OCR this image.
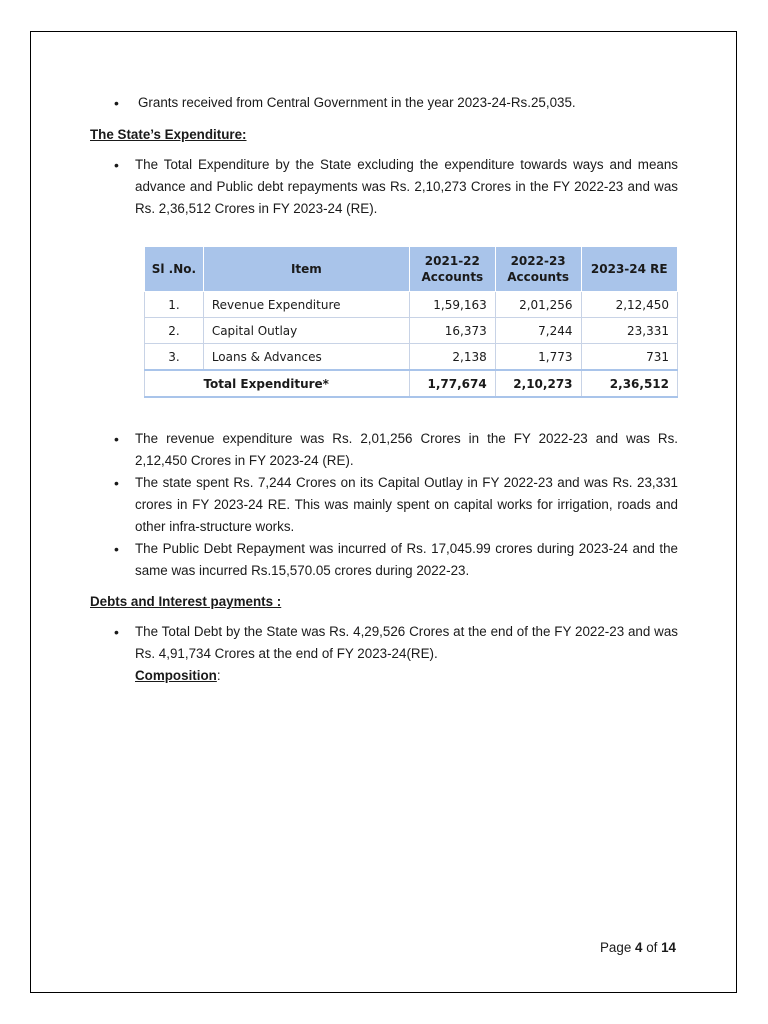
• Grants received from Central Government in the year 2023-24-Rs.25,035.

The State’s Expenditure:

• The Total Expenditure by the State excluding the expenditure towards ways and means advance and Public debt repayments was Rs. 2,10,273 Crores in the FY 2022-23 and was Rs. 2,36,512 Crores in FY 2023-24 (RE).
Sl .No.	Item	2021-22 Accounts	2022-23 Accounts	2023-24 RE
1.	Revenue Expenditure	1,59,163	2,01,256	2,12,450
2.	Capital Outlay	16,373	7,244	23,331
3.	Loans & Advances	2,138	1,773	731
Total Expenditure*		1,77,674	2,10,273	2,36,512
• The revenue expenditure was Rs. 2,01,256 Crores in the FY 2022-23 and was Rs. 2,12,450 Crores in FY 2023-24 (RE).
• The state spent Rs. 7,244 Crores on its Capital Outlay in FY 2022-23 and was Rs. 23,331 crores in FY 2023-24 RE. This was mainly spent on capital works for irrigation, roads and other infra-structure works.
• The Public Debt Repayment was incurred of Rs. 17,045.99 crores during 2023-24 and the same was incurred Rs.15,570.05 crores during 2022-23.

Debts and Interest payments :

• The Total Debt by the State was Rs. 4,29,526 Crores at the end of the FY 2022-23 and was Rs. 4,91,734 Crores at the end of FY 2023-24(RE).
Composition:
Page 4 of 14
